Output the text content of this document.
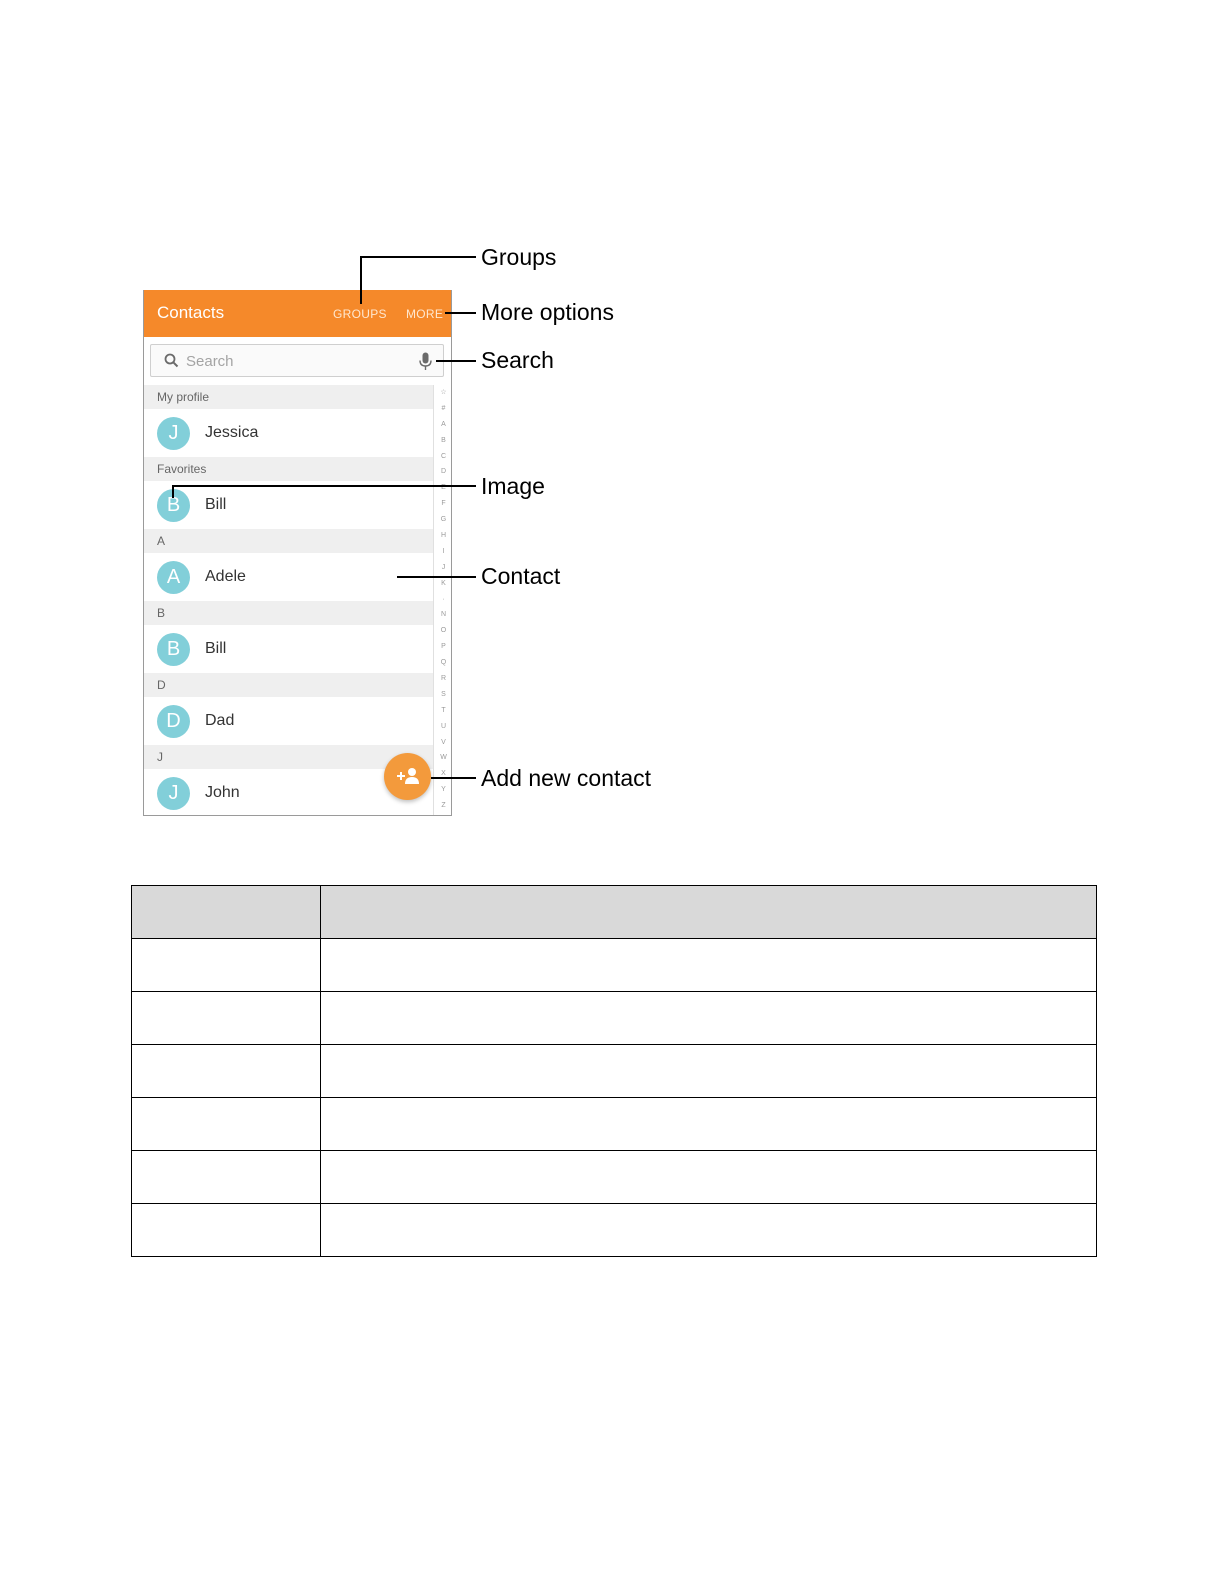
Contacts	GROUPS MORE
Search
My profile
J	Jessica
Favorites
B	Bill
A
A	Adele
B
B	Bill
D
D	Dad
J
J	John
☆
#
A
B
C
D
E
F
G
H
I
J
K
·
N
O
P
Q
R
S
T
U
V
W
X
Y
Z
Groups
More options
Search
Image
Contact
Add new contact
